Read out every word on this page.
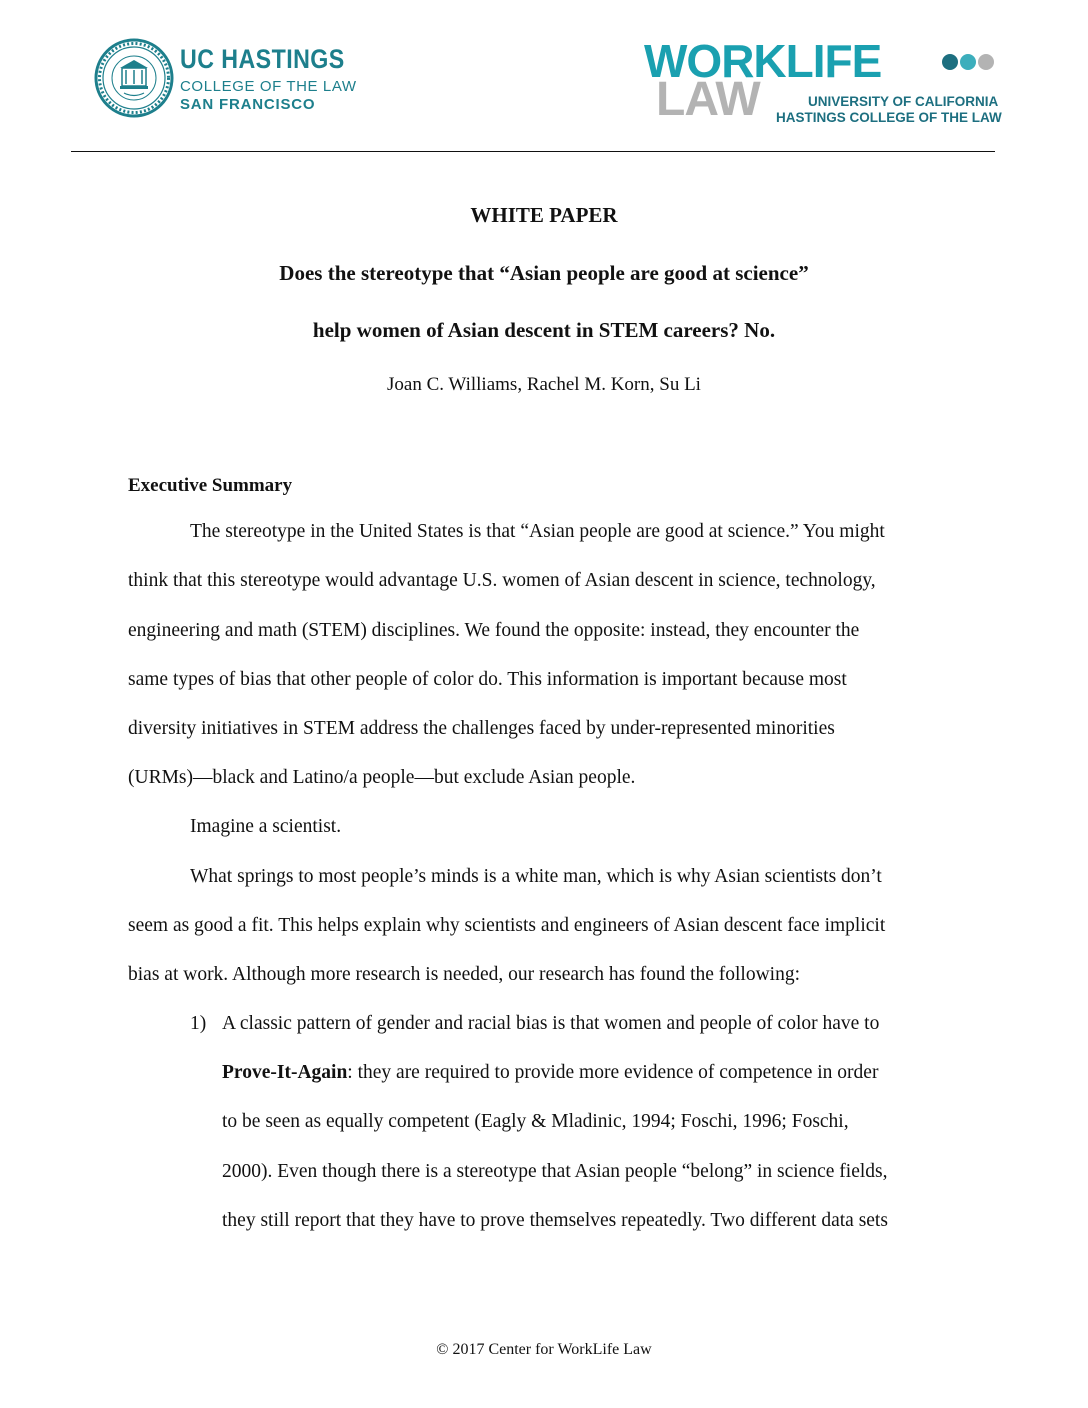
UC HASTINGS
COLLEGE OF THE LAW
SAN FRANCISCO
WORKLIFE
LAW	UNIVERSITY OF CALIFORNIA
HASTINGS COLLEGE OF THE LAW
WHITE PAPER
Does the stereotype that “Asian people are good at science”
help women of Asian descent in STEM careers? No.
Joan C. Williams, Rachel M. Korn, Su Li
Executive Summary
The stereotype in the United States is that “Asian people are good at science.” You might
think that this stereotype would advantage U.S. women of Asian descent in science, technology,
engineering and math (STEM) disciplines. We found the opposite: instead, they encounter the
same types of bias that other people of color do. This information is important because most
diversity initiatives in STEM address the challenges faced by under-represented minorities
(URMs)—black and Latino/a people—but exclude Asian people.
Imagine a scientist.
What springs to most people’s minds is a white man, which is why Asian scientists don’t
seem as good a fit. This helps explain why scientists and engineers of Asian descent face implicit
bias at work. Although more research is needed, our research has found the following:
1) A classic pattern of gender and racial bias is that women and people of color have to
Prove-It-Again: they are required to provide more evidence of competence in order
to be seen as equally competent (Eagly & Mladinic, 1994; Foschi, 1996; Foschi,
2000). Even though there is a stereotype that Asian people “belong” in science fields,
they still report that they have to prove themselves repeatedly. Two different data sets
© 2017 Center for WorkLife Law
